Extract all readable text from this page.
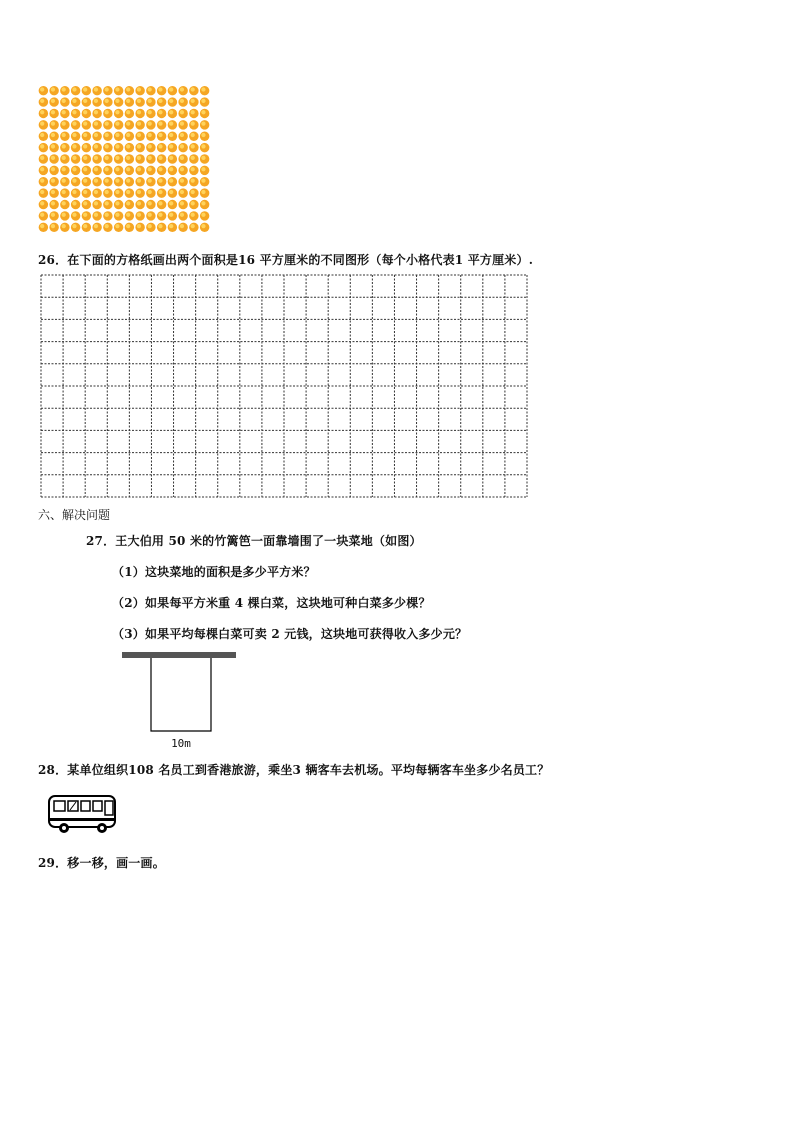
26．在下面的方格纸画出两个面积是16 平方厘米的不同图形（每个小格代表1 平方厘米）.
六、解决问题
27．王大伯用 50 米的竹篱笆一面靠墙围了一块菜地（如图）
（1）这块菜地的面积是多少平方米？
（2）如果每平方米重 4 棵白菜，这块地可种白菜多少棵？
（3）如果平均每棵白菜可卖 2 元钱，这块地可获得收入多少元？
10m
28．某单位组织108 名员工到香港旅游，乘坐3 辆客车去机场。平均每辆客车坐多少名员工？
29．移一移，画一画。
